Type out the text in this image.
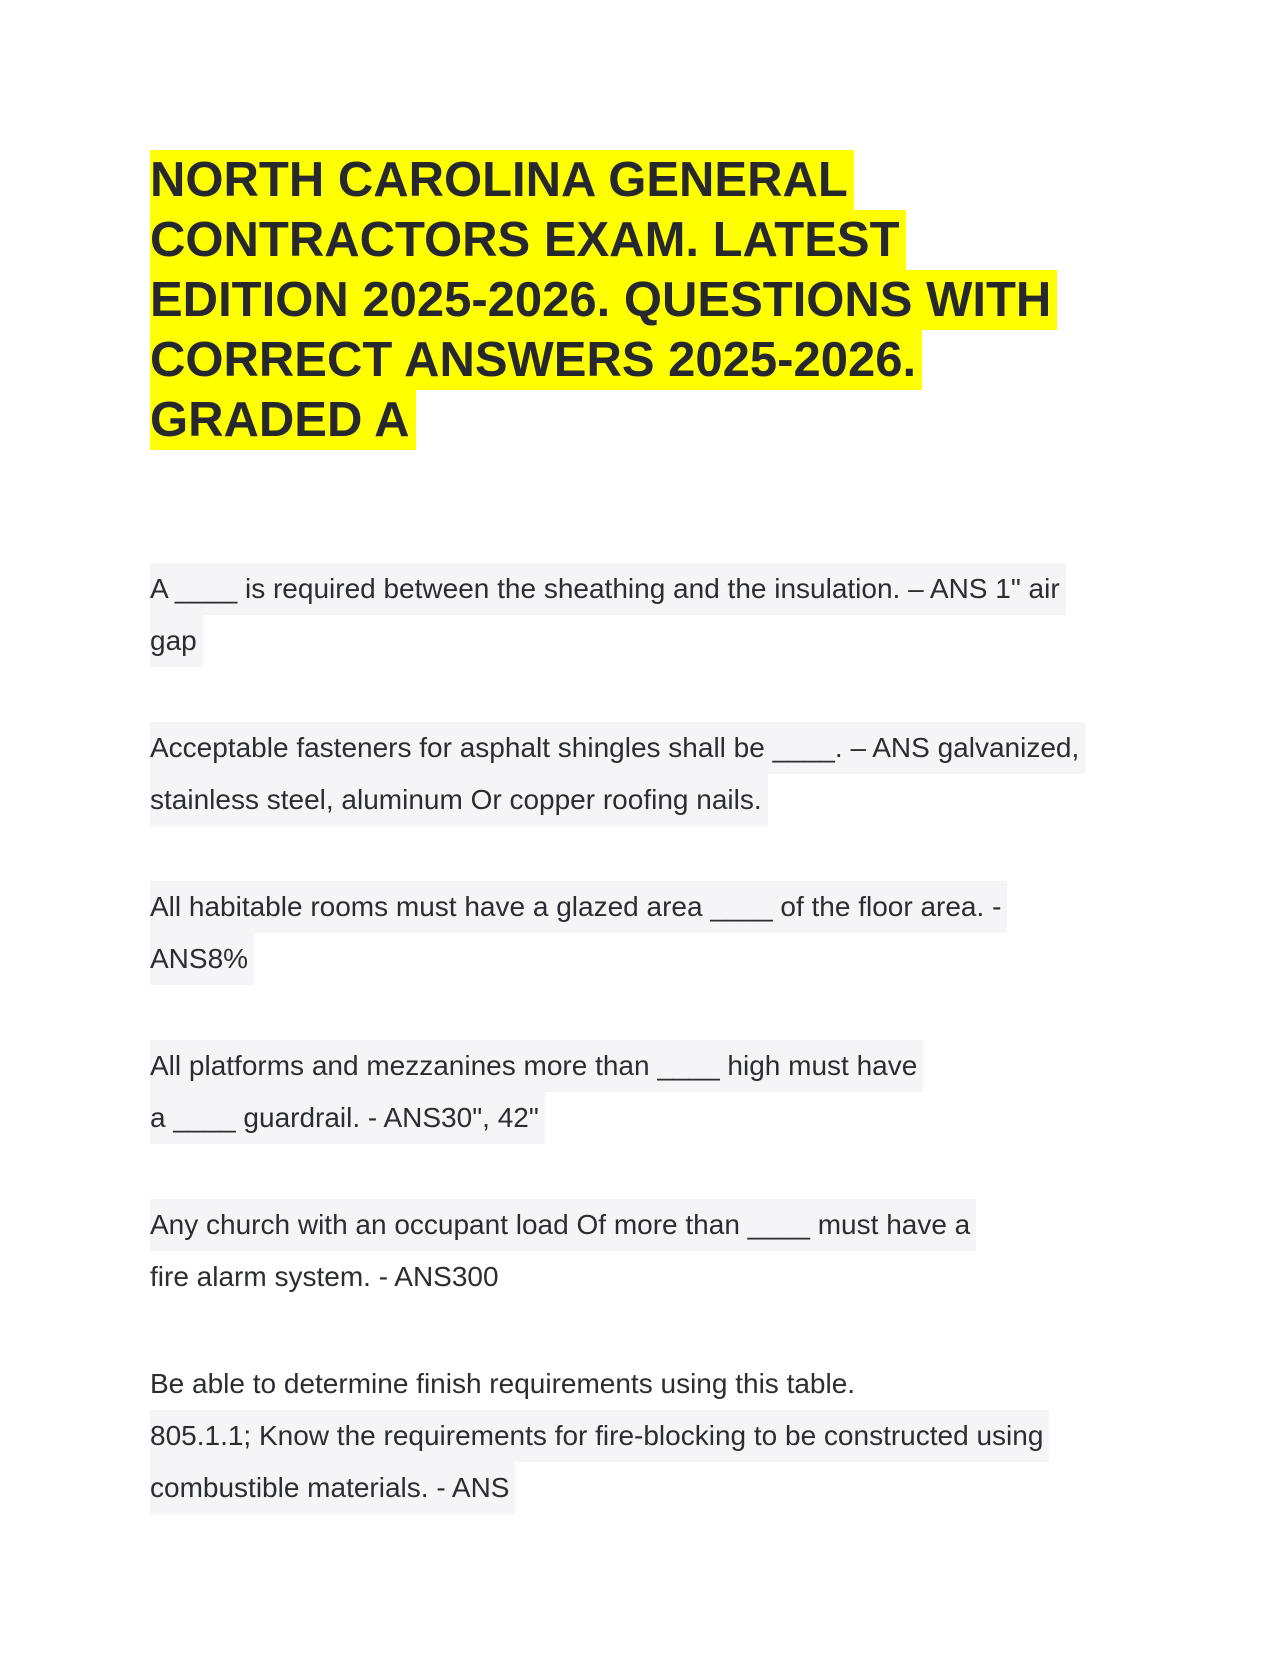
NORTH CAROLINA GENERAL
CONTRACTORS EXAM. LATEST
EDITION 2025-2026. QUESTIONS WITH
CORRECT ANSWERS 2025-2026.
GRADED A
A ____ is required between the sheathing and the insulation. – ANS 1" air
gap
Acceptable fasteners for asphalt shingles shall be ____. – ANS galvanized,
stainless steel, aluminum Or copper roofing nails.
All habitable rooms must have a glazed area ____ of the floor area. -
ANS8%
All platforms and mezzanines more than ____ high must have
a ____ guardrail. - ANS30", 42"
Any church with an occupant load Of more than ____ must have a
fire alarm system. - ANS300
Be able to determine finish requirements using this table.
805.1.1; Know the requirements for fire-blocking to be constructed using
combustible materials. - ANS
